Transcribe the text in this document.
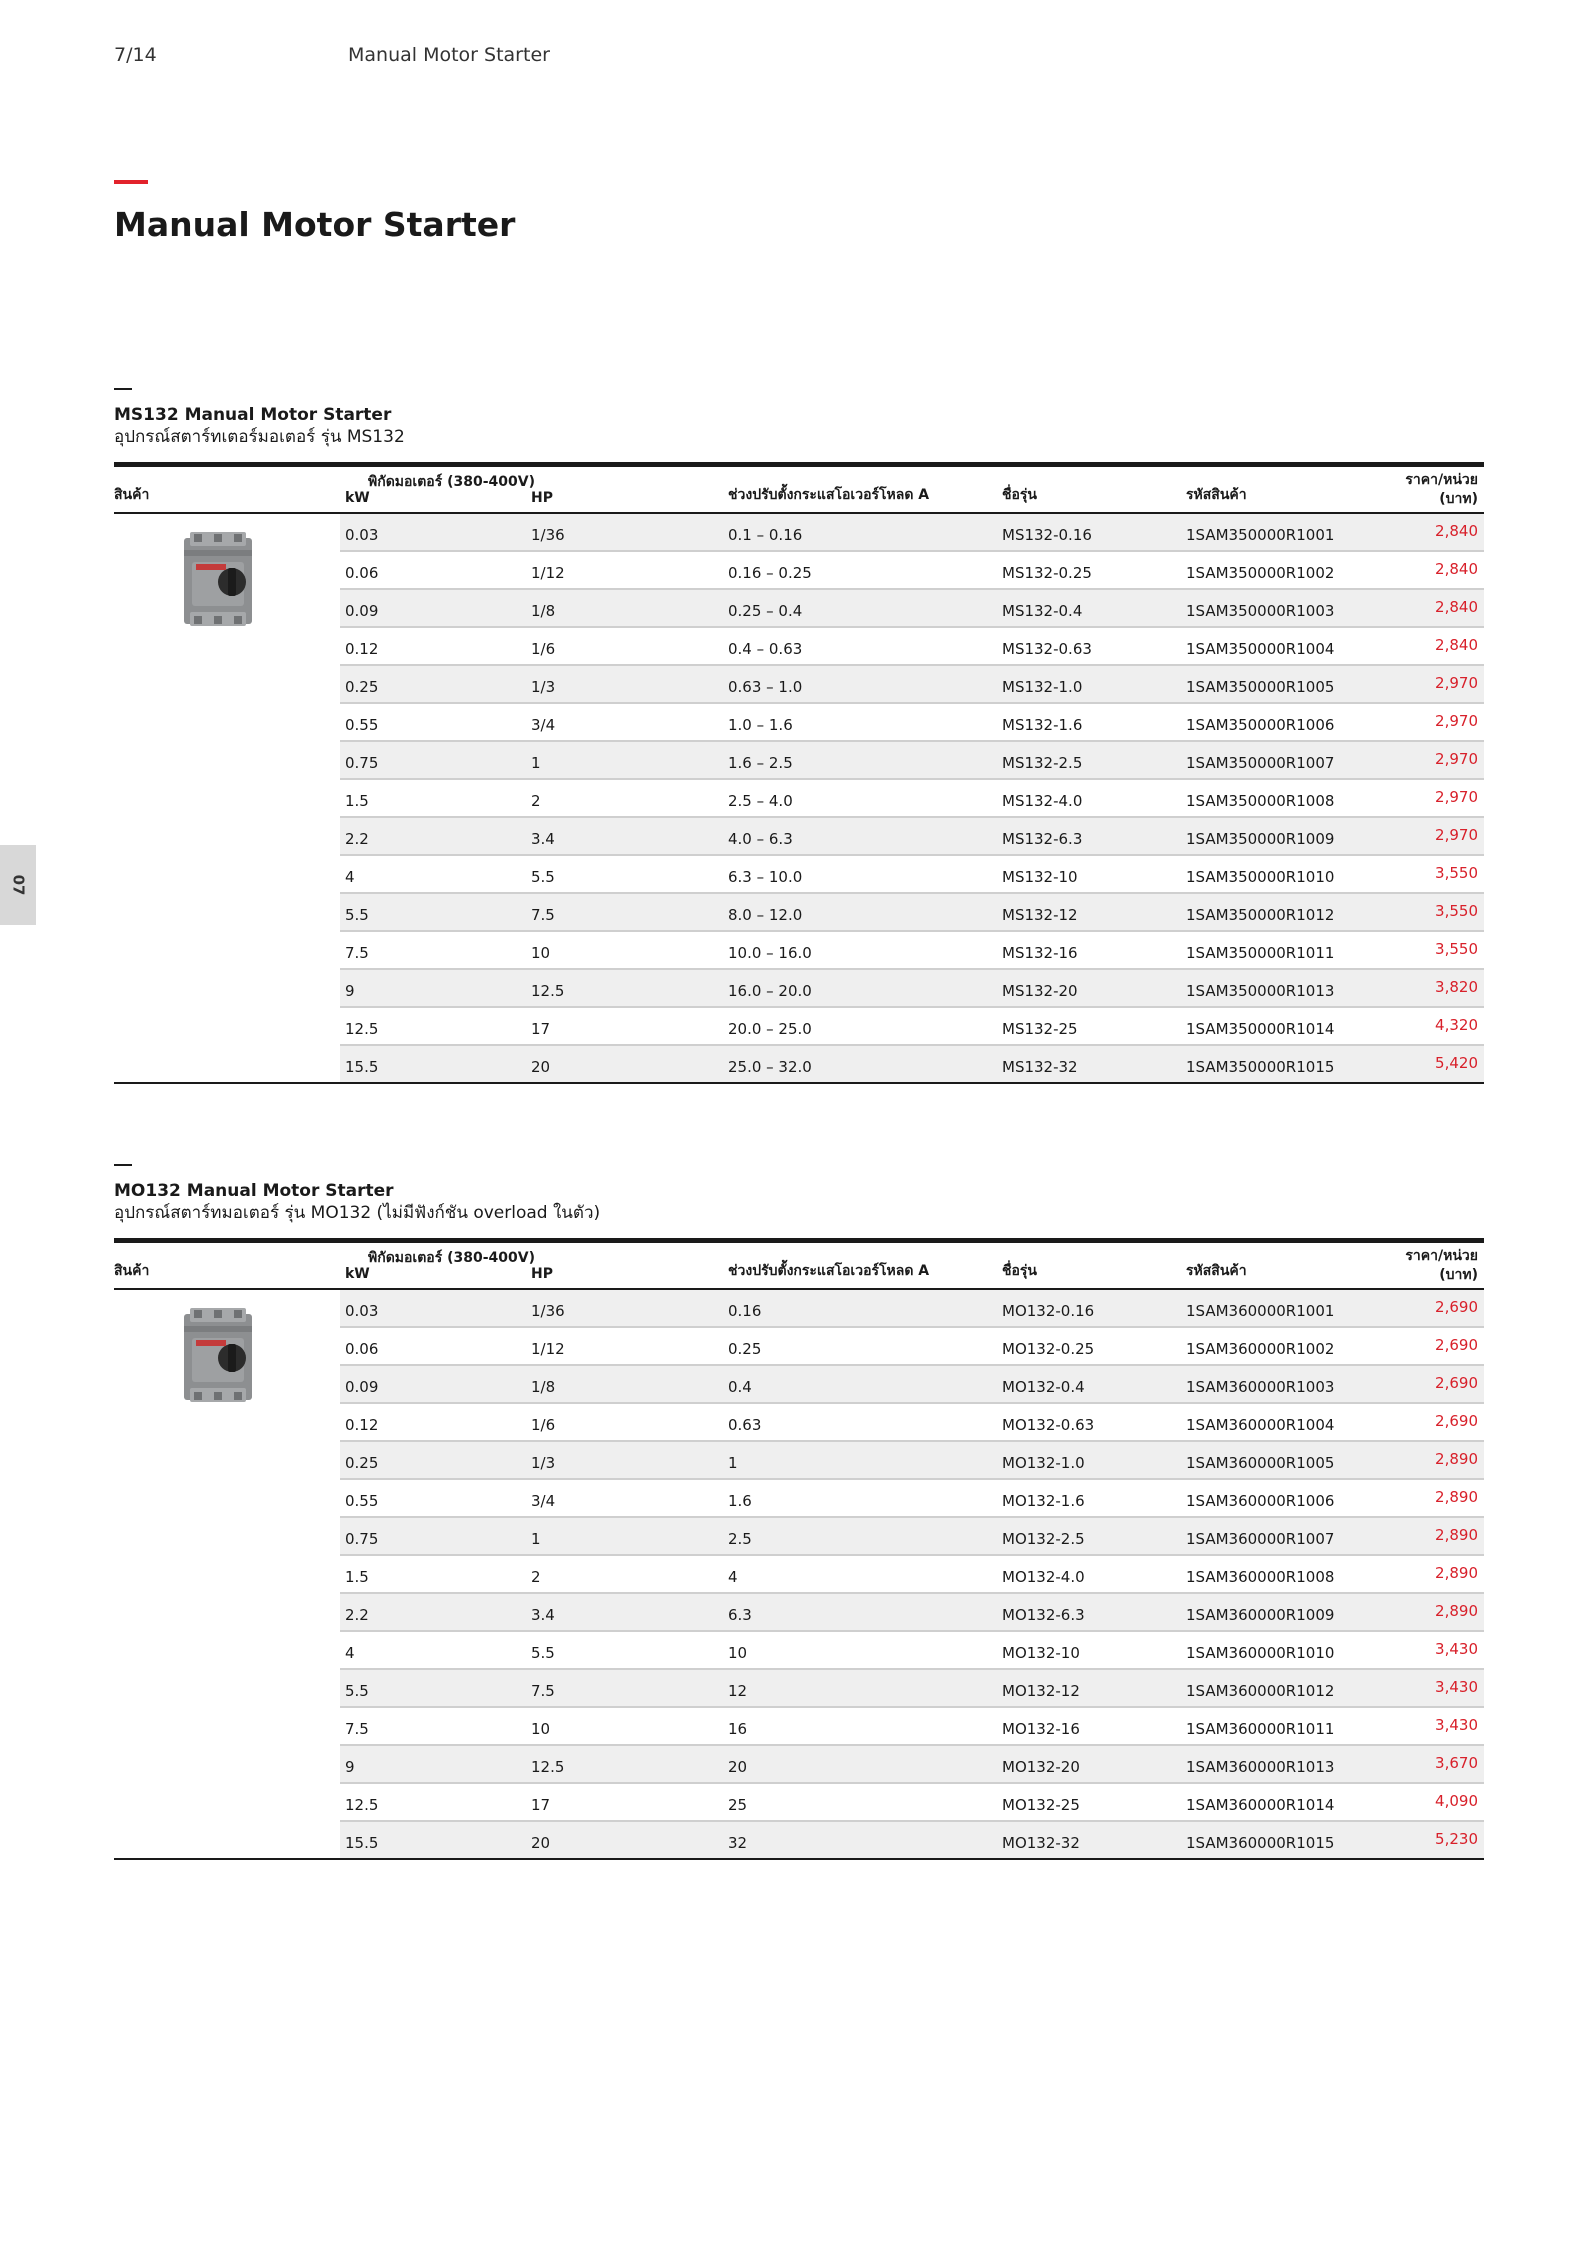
7/14	Manual Motor Starter
Manual Motor Starter
07
MS132 Manual Motor Starter
อุปกรณ์สตาร์ทเตอร์มอเตอร์ รุ่น MS132
สินค้า
พิกัดมอเตอร์ (380-400V)
kW	HP	ช่วงปรับตั้งกระแสโอเวอร์โหลด A	ชื่อรุ่น	รหัสสินค้า
ราคา/หน่วย
(บาท)
0.03	1/36	0.1 – 0.16	MS132-0.16	1SAM350000R1001	2,840
0.06	1/12	0.16 – 0.25	MS132-0.25	1SAM350000R1002	2,840
0.09	1/8	0.25 – 0.4	MS132-0.4	1SAM350000R1003	2,840
0.12	1/6	0.4 – 0.63	MS132-0.63	1SAM350000R1004	2,840
0.25	1/3	0.63 – 1.0	MS132-1.0	1SAM350000R1005	2,970
0.55	3/4	1.0 – 1.6	MS132-1.6	1SAM350000R1006	2,970
0.75	1	1.6 – 2.5	MS132-2.5	1SAM350000R1007	2,970
1.5	2	2.5 – 4.0	MS132-4.0	1SAM350000R1008	2,970
2.2	3.4	4.0 – 6.3	MS132-6.3	1SAM350000R1009	2,970
4	5.5	6.3 – 10.0	MS132-10	1SAM350000R1010	3,550
5.5	7.5	8.0 – 12.0	MS132-12	1SAM350000R1012	3,550
7.5	10	10.0 – 16.0	MS132-16	1SAM350000R1011	3,550
9	12.5	16.0 – 20.0	MS132-20	1SAM350000R1013	3,820
12.5	17	20.0 – 25.0	MS132-25	1SAM350000R1014	4,320
15.5	20	25.0 – 32.0	MS132-32	1SAM350000R1015	5,420
MO132 Manual Motor Starter
อุปกรณ์สตาร์ทมอเตอร์ รุ่น MO132 (ไม่มีฟังก์ชัน overload ในตัว)
สินค้า
พิกัดมอเตอร์ (380-400V)
kW	HP	ช่วงปรับตั้งกระแสโอเวอร์โหลด A	ชื่อรุ่น	รหัสสินค้า
ราคา/หน่วย
(บาท)
0.03	1/36	0.16	MO132-0.16	1SAM360000R1001	2,690
0.06	1/12	0.25	MO132-0.25	1SAM360000R1002	2,690
0.09	1/8	0.4	MO132-0.4	1SAM360000R1003	2,690
0.12	1/6	0.63	MO132-0.63	1SAM360000R1004	2,690
0.25	1/3	1	MO132-1.0	1SAM360000R1005	2,890
0.55	3/4	1.6	MO132-1.6	1SAM360000R1006	2,890
0.75	1	2.5	MO132-2.5	1SAM360000R1007	2,890
1.5	2	4	MO132-4.0	1SAM360000R1008	2,890
2.2	3.4	6.3	MO132-6.3	1SAM360000R1009	2,890
4	5.5	10	MO132-10	1SAM360000R1010	3,430
5.5	7.5	12	MO132-12	1SAM360000R1012	3,430
7.5	10	16	MO132-16	1SAM360000R1011	3,430
9	12.5	20	MO132-20	1SAM360000R1013	3,670
12.5	17	25	MO132-25	1SAM360000R1014	4,090
15.5	20	32	MO132-32	1SAM360000R1015	5,230
